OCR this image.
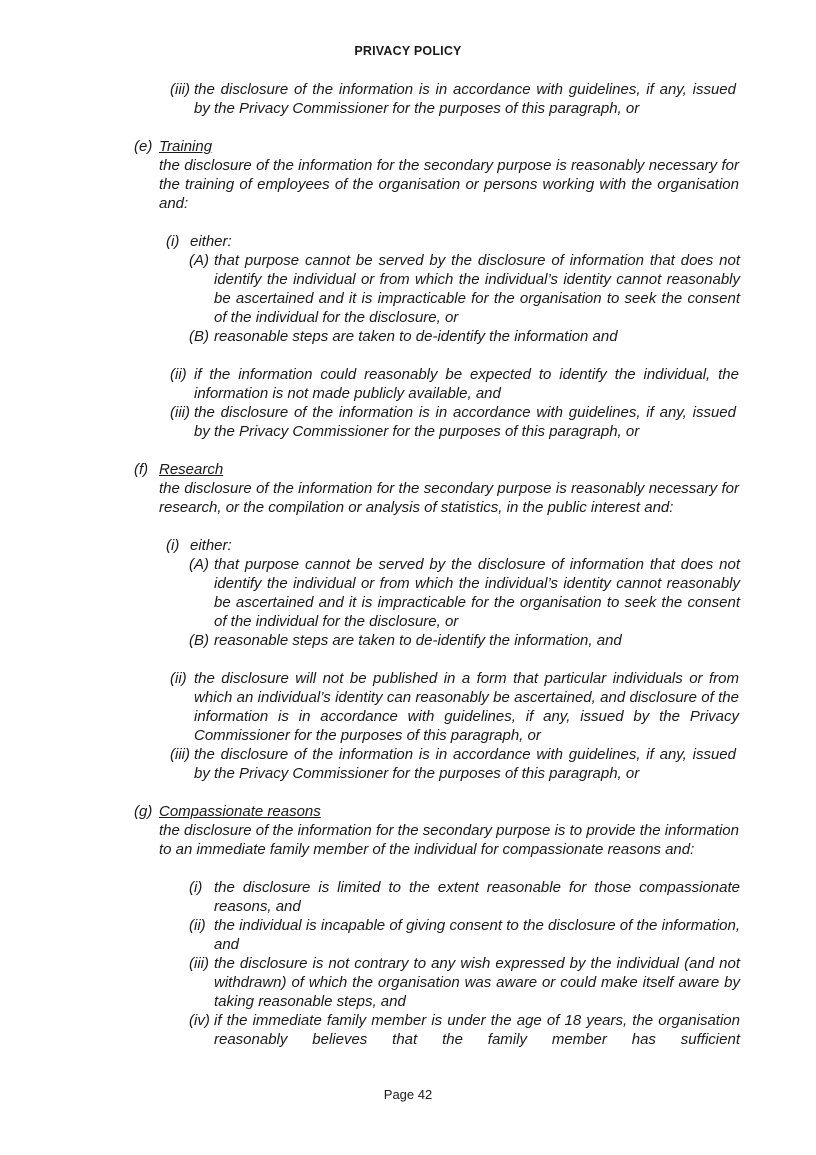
PRIVACY POLICY
(iii) the disclosure of the information is in accordance with guidelines, if any, issued by the Privacy Commissioner for the purposes of this paragraph, or
(e) Training
the disclosure of the information for the secondary purpose is reasonably necessary for the training of employees of the organisation or persons working with the organisation and:
(i) either:
(A) that purpose cannot be served by the disclosure of information that does not identify the individual or from which the individual’s identity cannot reasonably be ascertained and it is impracticable for the organisation to seek the consent of the individual for the disclosure, or
(B) reasonable steps are taken to de-identify the information and
(ii) if the information could reasonably be expected to identify the individual, the information is not made publicly available, and
(iii) the disclosure of the information is in accordance with guidelines, if any, issued by the Privacy Commissioner for the purposes of this paragraph, or
(f) Research
the disclosure of the information for the secondary purpose is reasonably necessary for research, or the compilation or analysis of statistics, in the public interest and:
(i) either:
(A) that purpose cannot be served by the disclosure of information that does not identify the individual or from which the individual’s identity cannot reasonably be ascertained and it is impracticable for the organisation to seek the consent of the individual for the disclosure, or
(B) reasonable steps are taken to de-identify the information, and
(ii) the disclosure will not be published in a form that particular individuals or from which an individual’s identity can reasonably be ascertained, and disclosure of the information is in accordance with guidelines, if any, issued by the Privacy Commissioner for the purposes of this paragraph, or
(iii) the disclosure of the information is in accordance with guidelines, if any, issued by the Privacy Commissioner for the purposes of this paragraph, or
(g) Compassionate reasons
the disclosure of the information for the secondary purpose is to provide the information to an immediate family member of the individual for compassionate reasons and:
(i) the disclosure is limited to the extent reasonable for those compassionate reasons, and
(ii) the individual is incapable of giving consent to the disclosure of the information, and
(iii) the disclosure is not contrary to any wish expressed by the individual (and not withdrawn) of which the organisation was aware or could make itself aware by taking reasonable steps, and
(iv) if the immediate family member is under the age of 18 years, the organisation reasonably believes that the family member has sufficient
Page 42
